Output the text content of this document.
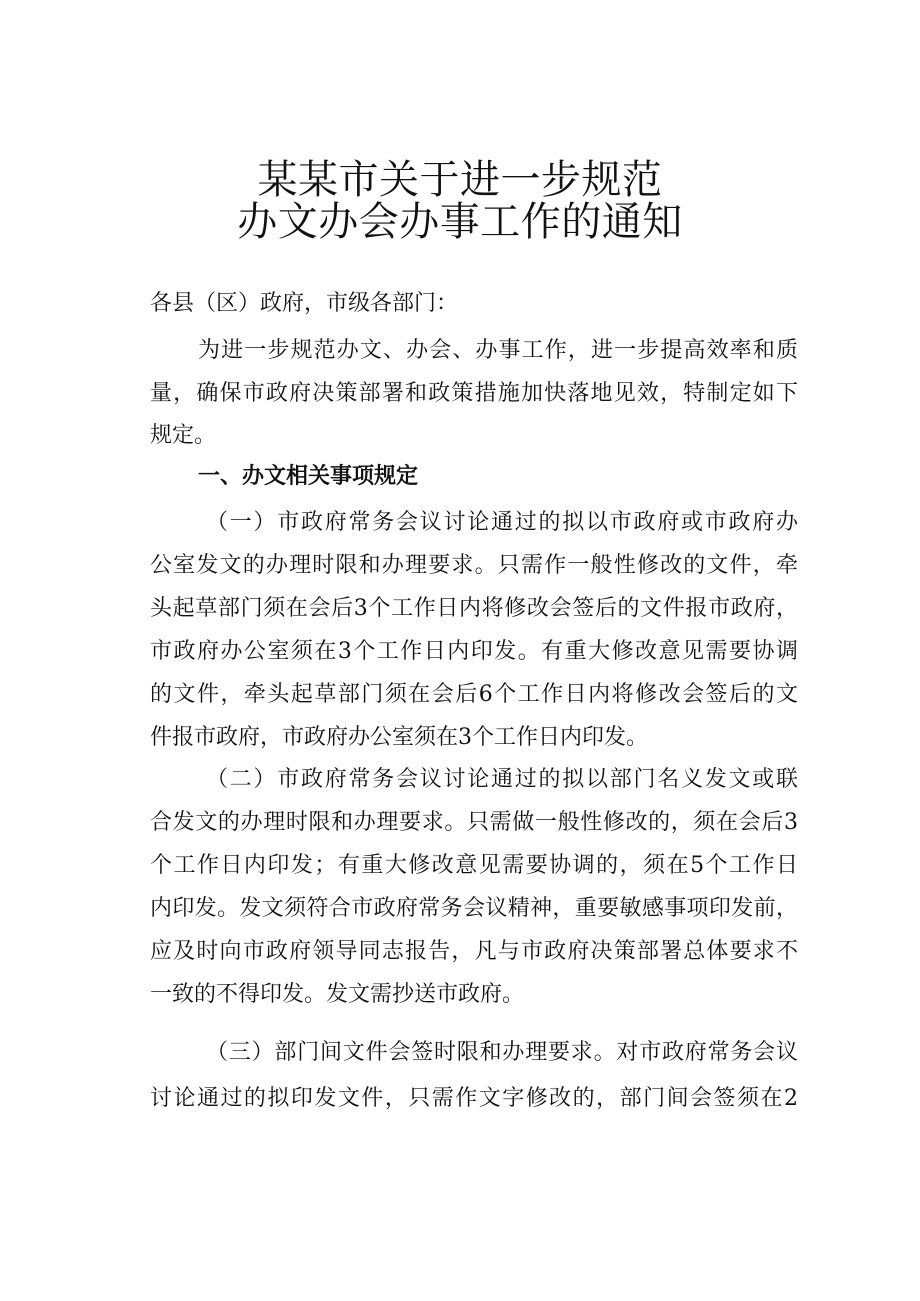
某某市关于进一步规范
办文办会办事工作的通知
各县（区）政府，市级各部门：
为进一步规范办文、办会、办事工作，进一步提高效率和质
量，确保市政府决策部署和政策措施加快落地见效，特制定如下
规定。
一、办文相关事项规定
（一）市政府常务会议讨论通过的拟以市政府或市政府办
公室发文的办理时限和办理要求。只需作一般性修改的文件，牵
头起草部门须在会后3个工作日内将修改会签后的文件报市政府，
市政府办公室须在3个工作日内印发。有重大修改意见需要协调
的文件，牵头起草部门须在会后6个工作日内将修改会签后的文
件报市政府，市政府办公室须在3个工作日内印发。
（二）市政府常务会议讨论通过的拟以部门名义发文或联
合发文的办理时限和办理要求。只需做一般性修改的，须在会后3
个工作日内印发；有重大修改意见需要协调的，须在5个工作日
内印发。发文须符合市政府常务会议精神，重要敏感事项印发前，
应及时向市政府领导同志报告，凡与市政府决策部署总体要求不
一致的不得印发。发文需抄送市政府。
（三）部门间文件会签时限和办理要求。对市政府常务会议
讨论通过的拟印发文件，只需作文字修改的，部门间会签须在2
